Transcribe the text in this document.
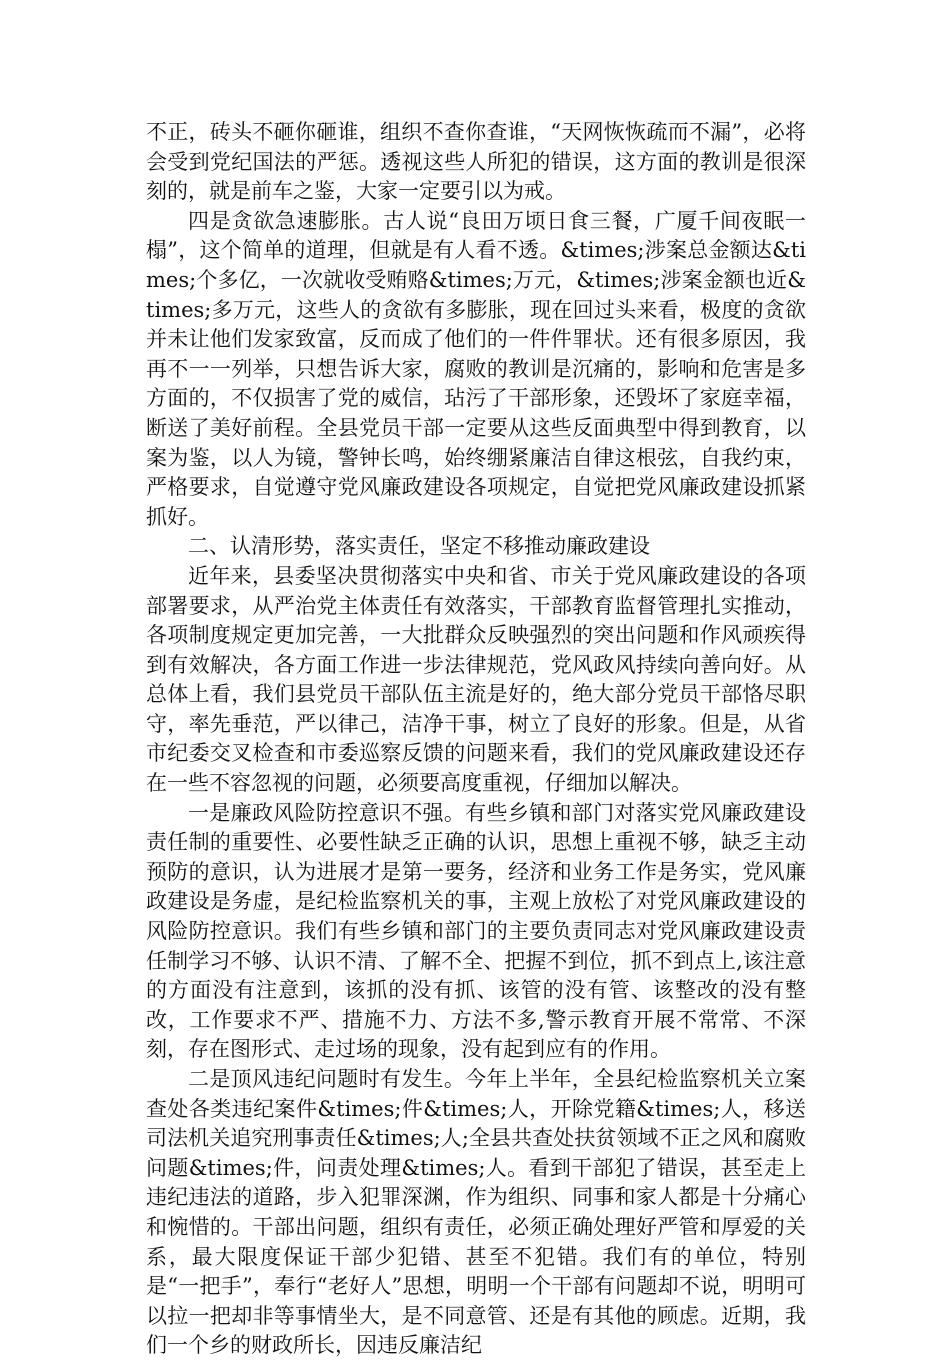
不正，砖头不砸你砸谁，组织不查你查谁，“天网恢恢疏而不漏”，必将会受到党纪国法的严惩。透视这些人所犯的错误，这方面的教训是很深刻的，就是前车之鉴，大家一定要引以为戒。

四是贪欲急速膨胀。古人说“良田万顷日食三餐，广厦千间夜眠一榻”，这个简单的道理，但就是有人看不透。&times;涉案总金额达&times;个多亿，一次就收受贿赂&times;万元，&times;涉案金额也近&times;多万元，这些人的贪欲有多膨胀，现在回过头来看，极度的贪欲并未让他们发家致富，反而成了他们的一件件罪状。还有很多原因，我再不一一列举，只想告诉大家，腐败的教训是沉痛的，影响和危害是多方面的，不仅损害了党的威信，玷污了干部形象，还毁坏了家庭幸福，断送了美好前程。全县党员干部一定要从这些反面典型中得到教育，以案为鉴，以人为镜，警钟长鸣，始终绷紧廉洁自律这根弦，自我约束，严格要求，自觉遵守党风廉政建设各项规定，自觉把党风廉政建设抓紧抓好。

二、认清形势，落实责任，坚定不移推动廉政建设

近年来，县委坚决贯彻落实中央和省、市关于党风廉政建设的各项部署要求，从严治党主体责任有效落实，干部教育监督管理扎实推动，各项制度规定更加完善，一大批群众反映强烈的突出问题和作风顽疾得到有效解决，各方面工作进一步法律规范，党风政风持续向善向好。从总体上看，我们县党员干部队伍主流是好的，绝大部分党员干部恪尽职守，率先垂范，严以律己，洁净干事，树立了良好的形象。但是，从省市纪委交叉检查和市委巡察反馈的问题来看，我们的党风廉政建设还存在一些不容忽视的问题，必须要高度重视，仔细加以解决。

一是廉政风险防控意识不强。有些乡镇和部门对落实党风廉政建设责任制的重要性、必要性缺乏正确的认识，思想上重视不够，缺乏主动预防的意识，认为进展才是第一要务，经济和业务工作是务实，党风廉政建设是务虚，是纪检监察机关的事，主观上放松了对党风廉政建设的风险防控意识。我们有些乡镇和部门的主要负责同志对党风廉政建设责任制学习不够、认识不清、了解不全、把握不到位，抓不到点上,该注意的方面没有注意到，该抓的没有抓、该管的没有管、该整改的没有整改，工作要求不严、措施不力、方法不多,警示教育开展不常常、不深刻，存在图形式、走过场的现象，没有起到应有的作用。

二是顶风违纪问题时有发生。今年上半年，全县纪检监察机关立案查处各类违纪案件&times;件&times;人，开除党籍&times;人，移送司法机关追究刑事责任&times;人;全县共查处扶贫领域不正之风和腐败问题&times;件，问责处理&times;人。看到干部犯了错误，甚至走上违纪违法的道路，步入犯罪深渊，作为组织、同事和家人都是十分痛心和惋惜的。干部出问题，组织有责任，必须正确处理好严管和厚爱的关系，最大限度保证干部少犯错、甚至不犯错。我们有的单位，特别是“一把手”，奉行“老好人”思想，明明一个干部有问题却不说，明明可以拉一把却非等事情坐大，是不同意管、还是有其他的顾虑。近期，我们一个乡的财政所长，因违反廉洁纪
